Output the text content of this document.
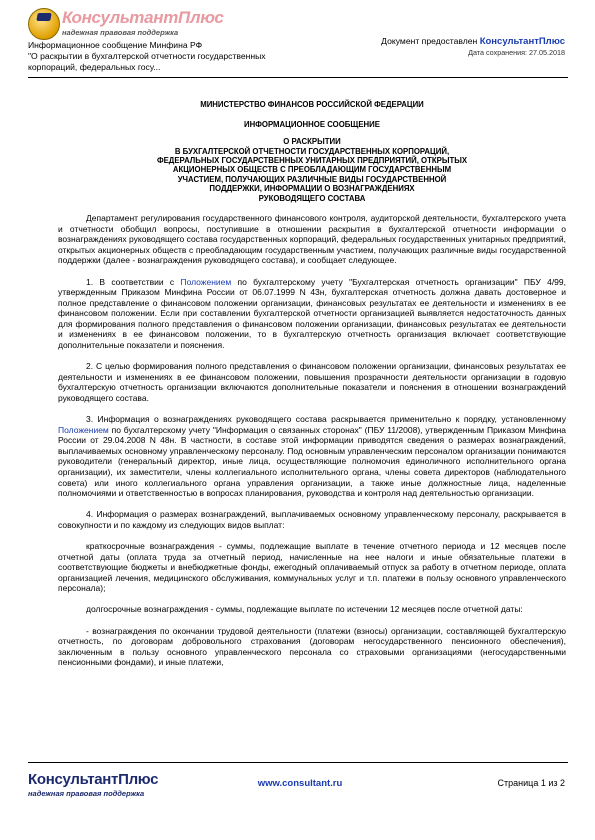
КонсультантПлюс
надежная правовая поддержка
Информационное сообщение Минфина РФ
"О раскрытии в бухгалтерской отчетности государственных корпораций, федеральных госу...
Документ предоставлен КонсультантПлюс
Дата сохранения: 27.05.2018
МИНИСТЕРСТВО ФИНАНСОВ РОССИЙСКОЙ ФЕДЕРАЦИИ
ИНФОРМАЦИОННОЕ СООБЩЕНИЕ
О РАСКРЫТИИ
В БУХГАЛТЕРСКОЙ ОТЧЕТНОСТИ ГОСУДАРСТВЕННЫХ КОРПОРАЦИЙ,
ФЕДЕРАЛЬНЫХ ГОСУДАРСТВЕННЫХ УНИТАРНЫХ ПРЕДПРИЯТИЙ, ОТКРЫТЫХ
АКЦИОНЕРНЫХ ОБЩЕСТВ С ПРЕОБЛАДАЮЩИМ ГОСУДАРСТВЕННЫМ
УЧАСТИЕМ, ПОЛУЧАЮЩИХ РАЗЛИЧНЫЕ ВИДЫ ГОСУДАРСТВЕННОЙ
ПОДДЕРЖКИ, ИНФОРМАЦИИ О ВОЗНАГРАЖДЕНИЯХ
РУКОВОДЯЩЕГО СОСТАВА

Департамент регулирования государственного финансового контроля, аудиторской деятельности, бухгалтерского учета и отчетности обобщил вопросы, поступившие в отношении раскрытия в бухгалтерской отчетности информации о вознаграждениях руководящего состава государственных корпораций, федеральных государственных унитарных предприятий, открытых акционерных обществ с преобладающим государственным участием, получающих различные виды государственной поддержки (далее - вознаграждения руководящего состава), и сообщает следующее.

1. В соответствии с Положением по бухгалтерскому учету "Бухгалтерская отчетность организации" ПБУ 4/99, утвержденным Приказом Минфина России от 06.07.1999 N 43н, бухгалтерская отчетность должна давать достоверное и полное представление о финансовом положении организации, финансовых результатах ее деятельности и изменениях в ее финансовом положении. Если при составлении бухгалтерской отчетности организацией выявляется недостаточность данных для формирования полного представления о финансовом положении организации, финансовых результатах ее деятельности и изменениях в ее финансовом положении, то в бухгалтерскую отчетность организация включает соответствующие дополнительные показатели и пояснения.

2. С целью формирования полного представления о финансовом положении организации, финансовых результатах ее деятельности и изменениях в ее финансовом положении, повышения прозрачности деятельности организации в годовую бухгалтерскую отчетность организации включаются дополнительные показатели и пояснения в отношении вознаграждений руководящего состава.

3. Информация о вознаграждениях руководящего состава раскрывается применительно к порядку, установленному Положением по бухгалтерскому учету "Информация о связанных сторонах" (ПБУ 11/2008), утвержденным Приказом Минфина России от 29.04.2008 N 48н. В частности, в составе этой информации приводятся сведения о размерах вознаграждений, выплачиваемых основному управленческому персоналу. Под основным управленческим персоналом организации понимаются руководители (генеральный директор, иные лица, осуществляющие полномочия единоличного исполнительного органа организации), их заместители, члены коллегиального исполнительного органа, члены совета директоров (наблюдательного совета) или иного коллегиального органа управления организации, а также иные должностные лица, наделенные полномочиями и ответственностью в вопросах планирования, руководства и контроля над деятельностью организации.

4. Информация о размерах вознаграждений, выплачиваемых основному управленческому персоналу, раскрывается в совокупности и по каждому из следующих видов выплат:

краткосрочные вознаграждения - суммы, подлежащие выплате в течение отчетного периода и 12 месяцев после отчетной даты (оплата труда за отчетный период, начисленные на нее налоги и иные обязательные платежи в соответствующие бюджеты и внебюджетные фонды, ежегодный оплачиваемый отпуск за работу в отчетном периоде, оплата организацией лечения, медицинского обслуживания, коммунальных услуг и т.п. платежи в пользу основного управленческого персонала);

долгосрочные вознаграждения - суммы, подлежащие выплате по истечении 12 месяцев после отчетной даты:

- вознаграждения по окончании трудовой деятельности (платежи (взносы) организации, составляющей бухгалтерскую отчетность, по договорам добровольного страхования (договорам негосударственного пенсионного обеспечения), заключенным в пользу основного управленческого персонала со страховыми организациями (негосударственными пенсионными фондами), и иные платежи,

КонсультантПлюс
надежная правовая поддержка
www.consultant.ru	Страница 1 из 2
